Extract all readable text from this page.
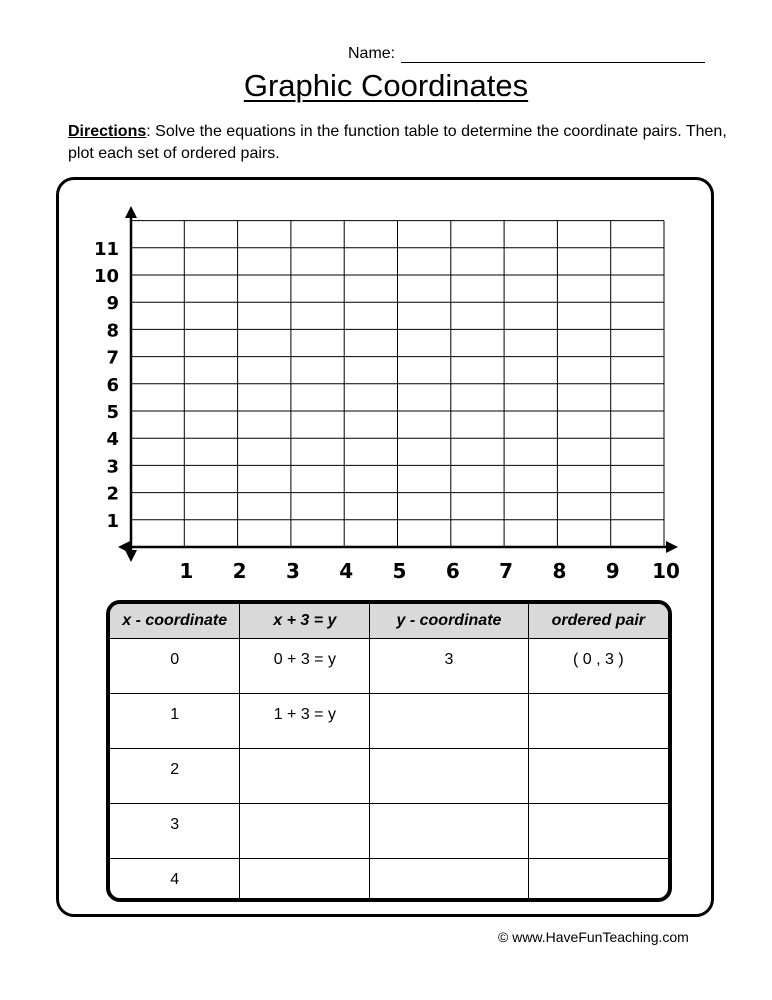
Name:
Graphic Coordinates
Directions: Solve the equations in the function table to determine the coordinate pairs. Then, plot each set of ordered pairs.
1 2 3 4 5 6 7 8 9 10
1
2
3
4
5
6
7
8
9
10
11
x - coordinate	x + 3 = y	y - coordinate	ordered pair
0	0 + 3 = y	3	( 0 , 3 )
1	1 + 3 = y		
2			
3			
4			
© www.HaveFunTeaching.com
